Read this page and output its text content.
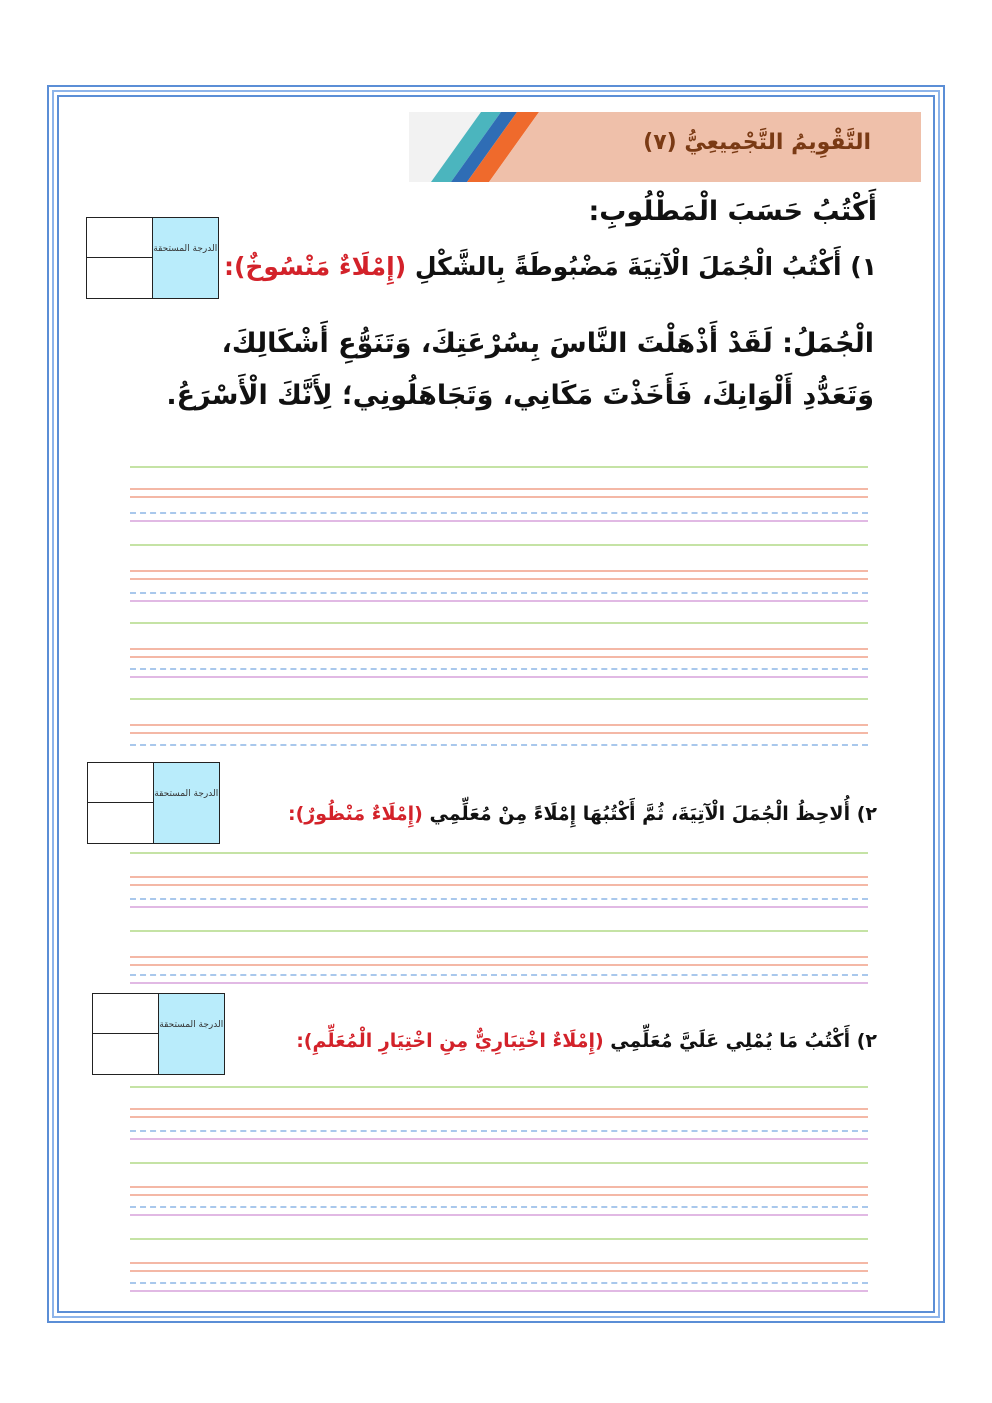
التَّقْوِيمُ التَّجْمِيعِيُّ (٧)
أَكْتُبُ حَسَبَ الْمَطْلُوبِ:
الدرجة المستحقة
١) أَكْتُبُ الْجُمَلَ الْآتِيَةَ مَضْبُوطَةً بِالشَّكْلِ (إِمْلَاءٌ مَنْسُوخٌ):
الْجُمَلُ: لَقَدْ أَذْهَلْتَ النَّاسَ بِسُرْعَتِكَ، وَتَنَوُّعِ أَشْكَالِكَ، وَتَعَدُّدِ أَلْوَانِكَ، فَأَخَذْتَ مَكَانِي، وَتَجَاهَلُونِي؛ لِأَنَّكَ الْأَسْرَعُ.
الدرجة المستحقة
٢) أُلاحِظُ الْجُمَلَ الْآتِيَةَ، ثُمَّ أَكْتُبُهَا إِمْلَاءً مِنْ مُعَلِّمِي (إِمْلَاءٌ مَنْظُورٌ):
الدرجة المستحقة
٢) أَكْتُبُ مَا يُمْلِي عَلَيَّ مُعَلِّمِي (إِمْلَاءٌ اخْتِبَارِيٌّ مِنِ اخْتِيَارِ الْمُعَلِّمِ):
